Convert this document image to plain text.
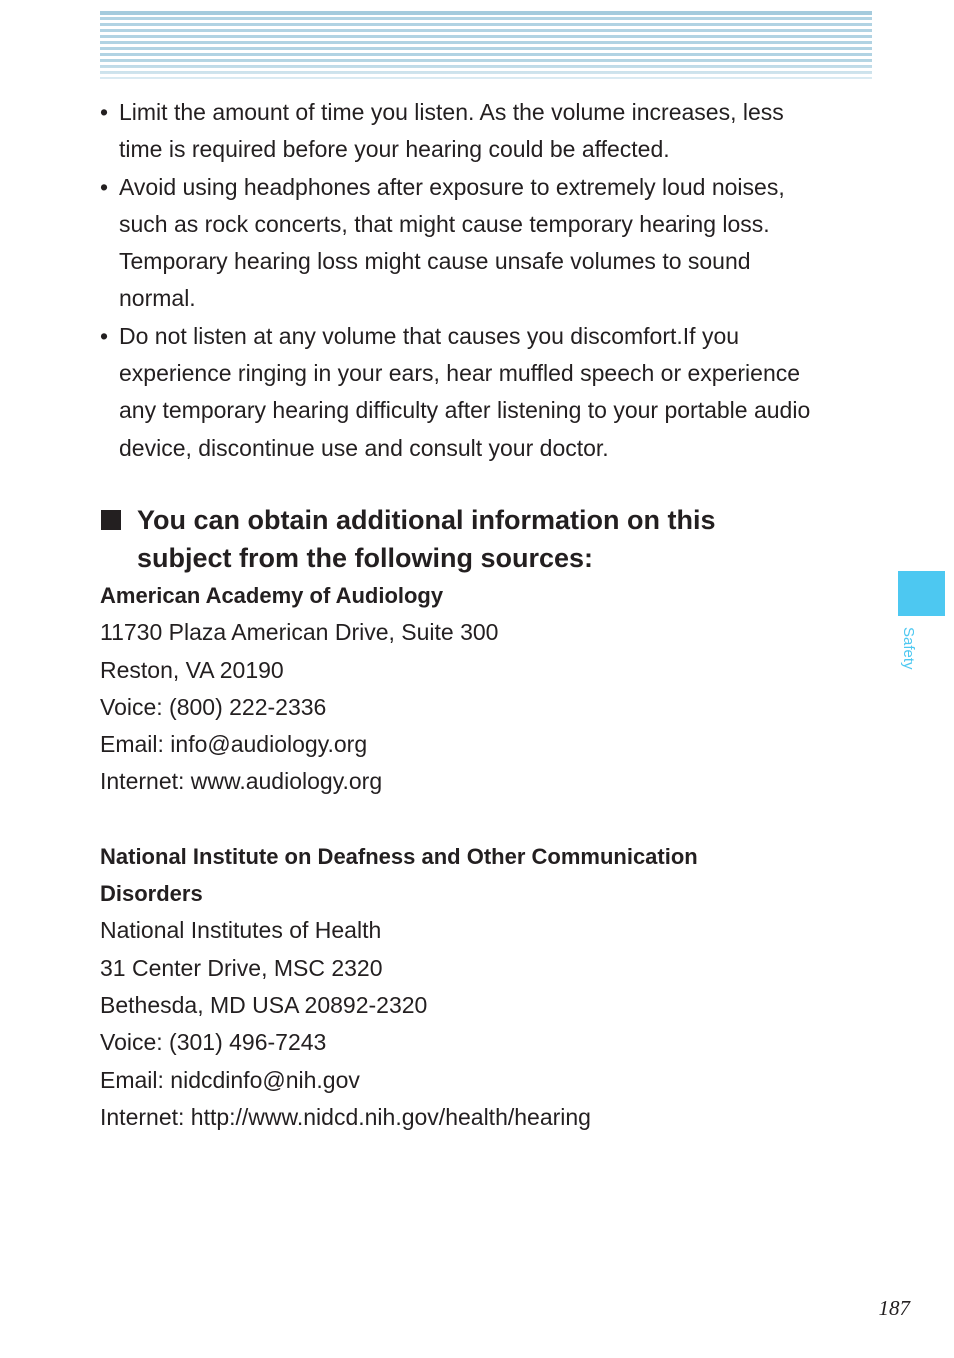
• Limit the amount of time you listen. As the volume increases, less
time is required before your hearing could be affected.
• Avoid using headphones after exposure to extremely loud noises,
such as rock concerts, that might cause temporary hearing loss.
Temporary hearing loss might cause unsafe volumes to sound
normal.
• Do not listen at any volume that causes you discomfort.If you
experience ringing in your ears, hear muffled speech or experience
any temporary hearing difficulty after listening to your portable audio
device, discontinue use and consult your doctor.
You can obtain additional information on this
subject from the following sources:
American Academy of Audiology
11730 Plaza American Drive, Suite 300
Reston, VA 20190
Voice: (800) 222-2336
Email: info@audiology.org
Internet: www.audiology.org
National Institute on Deafness and Other Communication
Disorders
National Institutes of Health
31 Center Drive, MSC 2320
Bethesda, MD USA 20892-2320
Voice: (301) 496-7243
Email: nidcdinfo@nih.gov
Internet: http://www.nidcd.nih.gov/health/hearing
Safety
187
